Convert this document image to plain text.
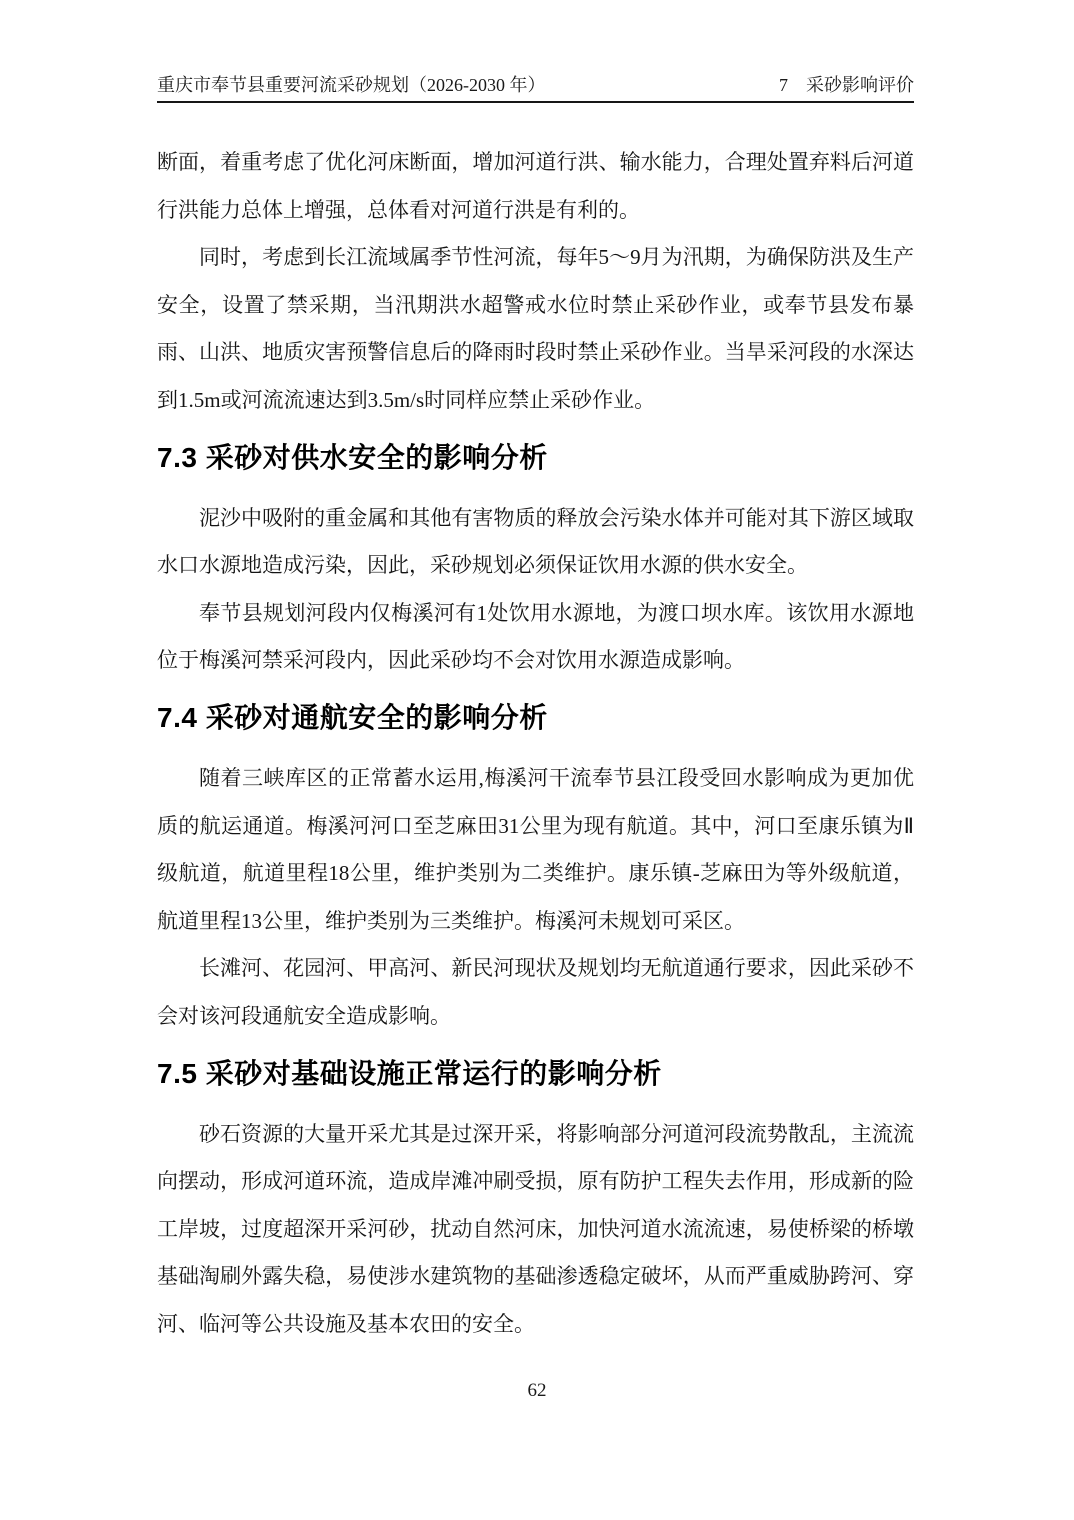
重庆市奉节县重要河流采砂规划（2026-2030 年）	7　采砂影响评价

断面，着重考虑了优化河床断面，增加河道行洪、输水能力，合理处置弃料后河道行洪能力总体上增强，总体看对河道行洪是有利的。

同时，考虑到长江流域属季节性河流，每年5～9月为汛期，为确保防洪及生产安全，设置了禁采期，当汛期洪水超警戒水位时禁止采砂作业，或奉节县发布暴雨、山洪、地质灾害预警信息后的降雨时段时禁止采砂作业。当旱采河段的水深达到1.5m或河流流速达到3.5m/s时同样应禁止采砂作业。

7.3 采砂对供水安全的影响分析

泥沙中吸附的重金属和其他有害物质的释放会污染水体并可能对其下游区域取水口水源地造成污染，因此，采砂规划必须保证饮用水源的供水安全。

奉节县规划河段内仅梅溪河有1处饮用水源地，为渡口坝水库。该饮用水源地位于梅溪河禁采河段内，因此采砂均不会对饮用水源造成影响。

7.4 采砂对通航安全的影响分析

随着三峡库区的正常蓄水运用,梅溪河干流奉节县江段受回水影响成为更加优质的航运通道。梅溪河河口至芝麻田31公里为现有航道。其中，河口至康乐镇为Ⅱ级航道，航道里程18公里，维护类别为二类维护。康乐镇-芝麻田为等外级航道，航道里程13公里，维护类别为三类维护。梅溪河未规划可采区。

长滩河、花园河、甲高河、新民河现状及规划均无航道通行要求，因此采砂不会对该河段通航安全造成影响。

7.5 采砂对基础设施正常运行的影响分析

砂石资源的大量开采尤其是过深开采，将影响部分河道河段流势散乱，主流流向摆动，形成河道环流，造成岸滩冲刷受损，原有防护工程失去作用，形成新的险工岸坡，过度超深开采河砂，扰动自然河床，加快河道水流流速，易使桥梁的桥墩基础淘刷外露失稳，易使涉水建筑物的基础渗透稳定破坏，从而严重威胁跨河、穿河、临河等公共设施及基本农田的安全。

62
